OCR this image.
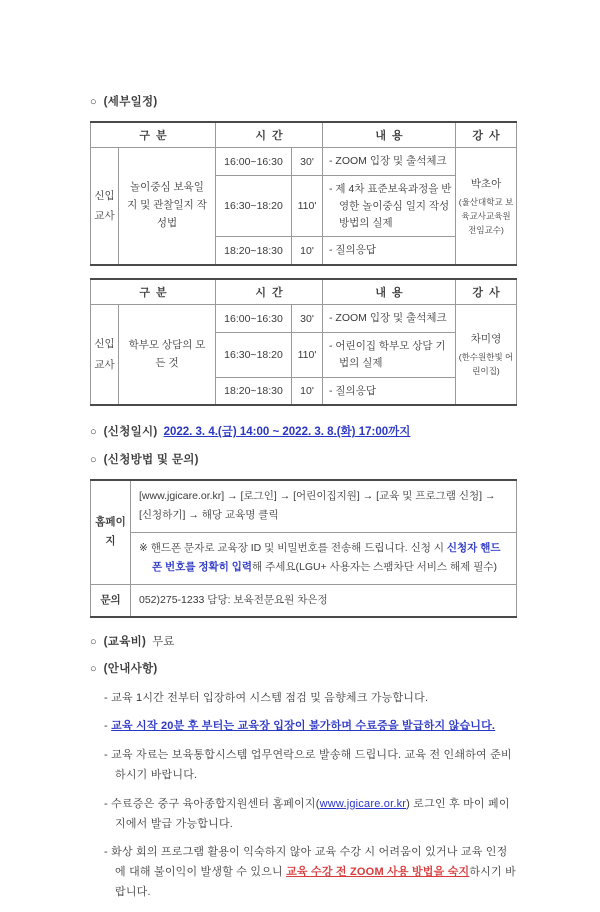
○ (세부일정)
구  분		시  간		내  용	강  사
신입교사	놀이중심 보육일지 및 관찰일지 작성법	16:00~16:30	30'	- ZOOM 입장 및 출석체크	박초아
(울산대학교 보육교사교육원 전임교수)

		16:30~18:20	110'	- 제 4차 표준보육과정을 반영한 놀이중심 일지 작성 방법의 실제	

		18:20~18:30	10'	- 질의응답	
구  분		시  간		내  용	강  사
신입교사	학부모 상담의 모든 것	16:00~16:30	30'	- ZOOM 입장 및 출석체크	차미영
(한수원한빛 어린이집)

		16:30~18:20	110'	- 어린이집 학부모 상담 기법의 실제	

		18:20~18:30	10'	- 질의응답	
○ (신청일시) 2022. 3. 4.(금) 14:00 ~ 2022. 3. 8.(화) 17:00까지
○ (신청방법 및 문의)
홈페이지	[www.jgicare.or.kr] → [로그인] → [어린이집지원] → [교육 및 프로그램 신청] → [신청하기] → 해당 교육명 클릭

	※ 핸드폰 문자로 교육장 ID 및 비밀번호를 전송해 드립니다. 신청 시 신청자 핸드폰 번호를 정확히 입력해 주세요(LGU+ 사용자는 스팸차단 서비스 해제 필수)

문의	052)275-1233 담당: 보육전문요원 차은정
○ (교육비) 무료
○ (안내사항)
- 교육 1시간 전부터 입장하여 시스템 점검 및 음향체크 가능합니다.
- 교육 시작 20분 후 부터는 교육장 입장이 불가하며 수료증을 발급하지 않습니다.
- 교육 자료는 보육통합시스템 업무연락으로 발송해 드립니다. 교육 전 인쇄하여 준비하시기 바랍니다.
- 수료증은 중구 육아종합지원센터 홈페이지(www.jgicare.or.kr) 로그인 후 마이 페이지에서 발급 가능합니다.
- 화상 회의 프로그램 활용이 익숙하지 않아 교육 수강 시 어려움이 있거나 교육 인정에 대해 불이익이 발생할 수 있으니 교육 수강 전 ZOOM 사용 방법을 숙지하시기 바랍니다.
